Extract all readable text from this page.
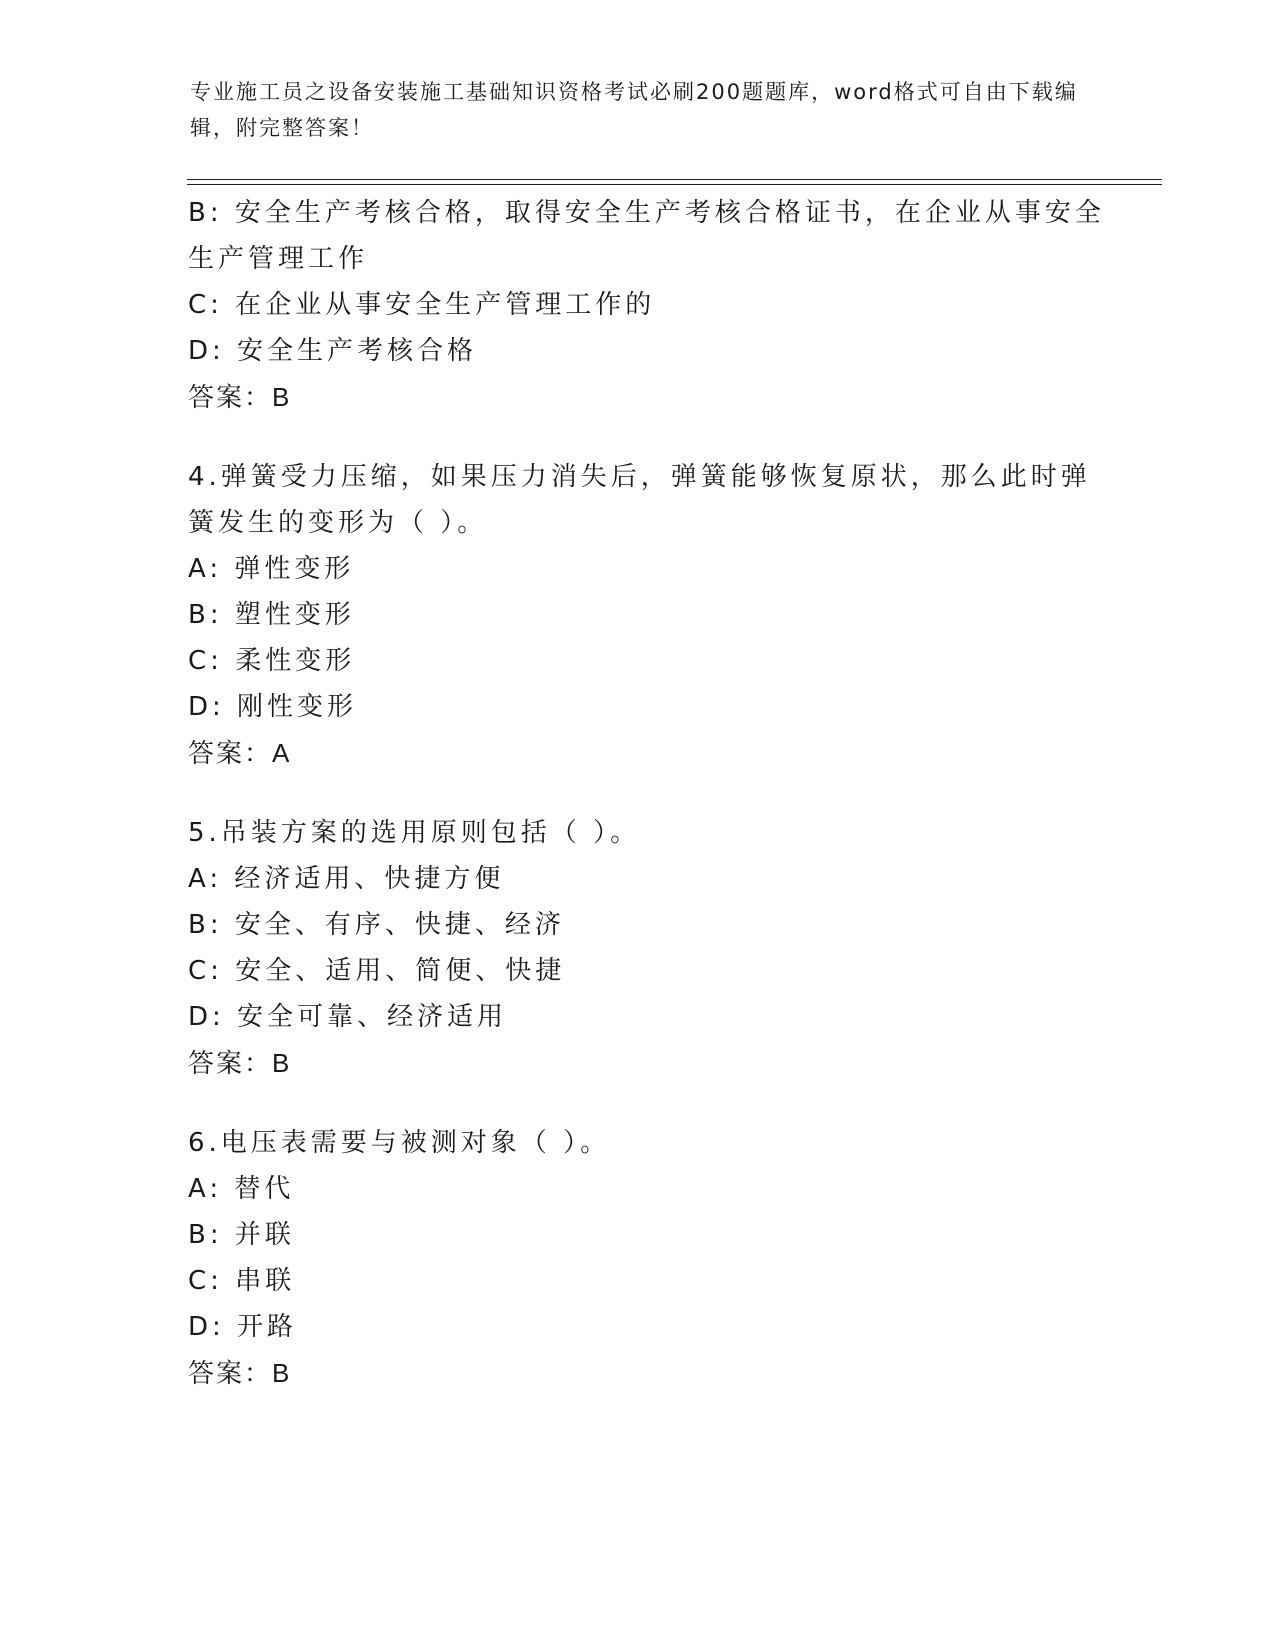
专业施工员之设备安装施工基础知识资格考试必刷200题题库，word格式可自由下载编辑，附完整答案！
B: 安全生产考核合格，取得安全生产考核合格证书，在企业从事安全生产管理工作
C: 在企业从事安全生产管理工作的
D: 安全生产考核合格
答案：B
4.弹簧受力压缩，如果压力消失后，弹簧能够恢复原状，那么此时弹簧发生的变形为（ ）。
A: 弹性变形
B: 塑性变形
C: 柔性变形
D: 刚性变形
答案：A
5.吊装方案的选用原则包括（ ）。
A: 经济适用、快捷方便
B: 安全、有序、快捷、经济
C: 安全、适用、简便、快捷
D: 安全可靠、经济适用
答案：B
6.电压表需要与被测对象（ ）。
A: 替代
B: 并联
C: 串联
D: 开路
答案：B
